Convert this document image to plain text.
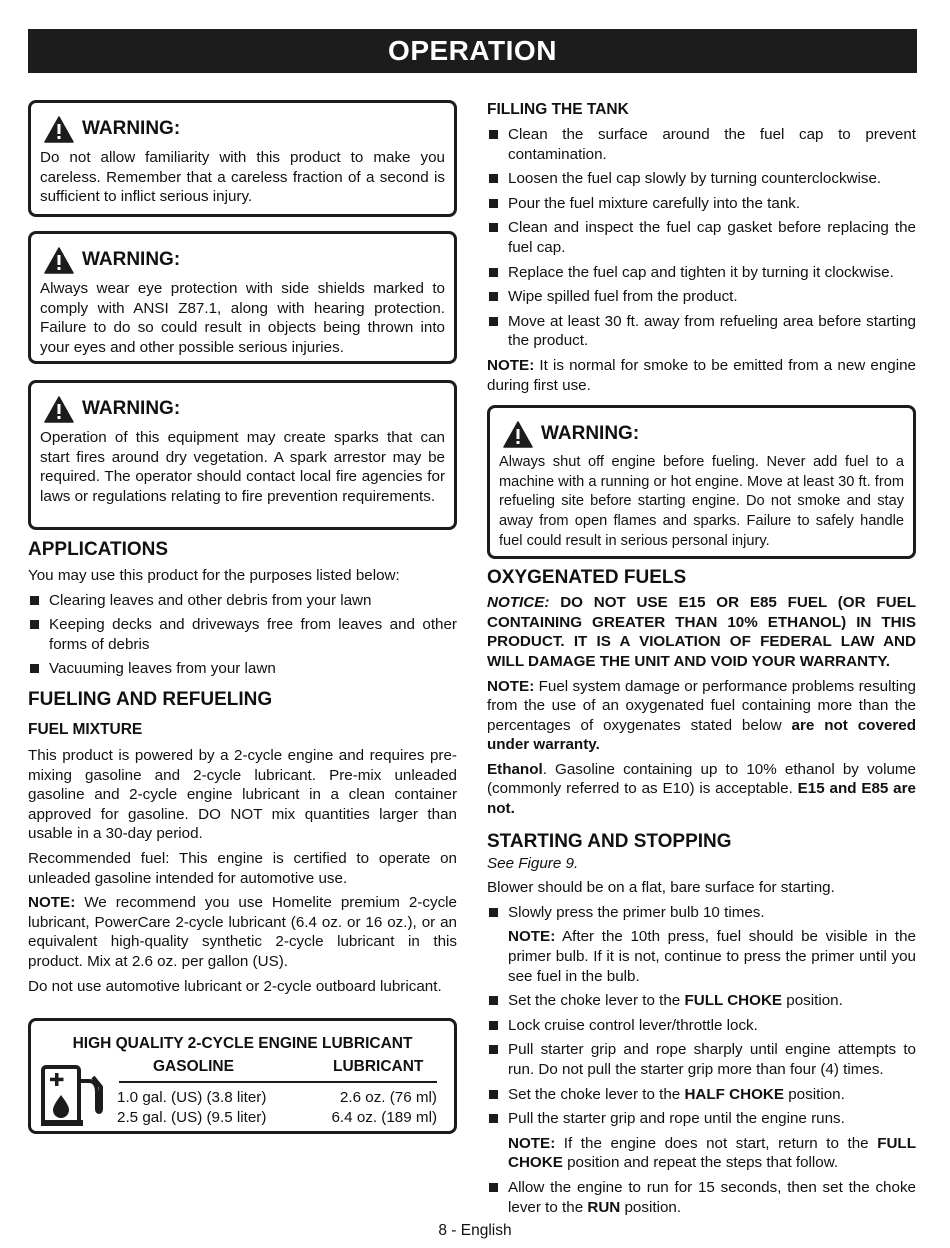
OPERATION
WARNING:
Do not allow familiarity with this product to make you careless. Remember that a careless fraction of a second is sufficient to inflict serious injury.
WARNING:
Always wear eye protection with side shields marked to comply with ANSI Z87.1, along with hearing protection. Failure to do so could result in objects being thrown into your eyes and other possible serious injuries.
WARNING:
Operation of this equipment may create sparks that can start fires around dry vegetation. A spark arrestor may be required. The operator should contact local fire agencies for laws or regulations relating to fire prevention requirements.
APPLICATIONS
You may use this product for the purposes listed below:
Clearing leaves and other debris from your lawn
Keeping decks and driveways free from leaves and other forms of debris
Vacuuming leaves from your lawn
FUELING AND REFUELING
FUEL MIXTURE
This product is powered by a 2-cycle engine and requires pre-mixing gasoline and 2-cycle lubricant. Pre-mix unleaded gasoline and 2-cycle engine lubricant in a clean container approved for gasoline. DO NOT mix quantities larger than usable in a 30-day period.
Recommended fuel: This engine is certified to operate on unleaded gasoline intended for automotive use.
NOTE: We recommend you use Homelite premium 2-cycle lubricant, PowerCare 2-cycle lubricant (6.4 oz. or 16 oz.), or an equivalent high-quality synthetic 2-cycle lubricant in this product. Mix at 2.6 oz. per gallon (US).
Do not use automotive lubricant or 2-cycle outboard lubricant.
HIGH QUALITY 2-CYCLE ENGINE LUBRICANT
GASOLINE	LUBRICANT
1.0 gal. (US) (3.8 liter)	2.6 oz. (76 ml)
2.5 gal. (US) (9.5 liter)	6.4 oz. (189 ml)
FILLING THE TANK
Clean the surface around the fuel cap to prevent contamination.
Loosen the fuel cap slowly by turning counterclockwise.
Pour the fuel mixture carefully into the tank.
Clean and inspect the fuel cap gasket before replacing the fuel cap.
Replace the fuel cap and tighten it by turning it clockwise.
Wipe spilled fuel from the product.
Move at least 30 ft. away from refueling area before starting the product.
NOTE: It is normal for smoke to be emitted from a new engine during first use.
WARNING:
Always shut off engine before fueling. Never add fuel to a machine with a running or hot engine. Move at least 30 ft. from refueling site before starting engine. Do not smoke and stay away from open flames and sparks. Failure to safely handle fuel could result in serious personal injury.
OXYGENATED FUELS
NOTICE: DO NOT USE E15 OR E85 FUEL (OR FUEL CONTAINING GREATER THAN 10% ETHANOL) IN THIS PRODUCT. IT IS A VIOLATION OF FEDERAL LAW AND WILL DAMAGE THE UNIT AND VOID YOUR WARRANTY.
NOTE: Fuel system damage or performance problems resulting from the use of an oxygenated fuel containing more than the percentages of oxygenates stated below are not covered under warranty.
Ethanol. Gasoline containing up to 10% ethanol by volume (commonly referred to as E10) is acceptable. E15 and E85 are not.
STARTING AND STOPPING
See Figure 9.
Blower should be on a flat, bare surface for starting.
Slowly press the primer bulb 10 times.
NOTE: After the 10th press, fuel should be visible in the primer bulb. If it is not, continue to press the primer until you see fuel in the bulb.
Set the choke lever to the FULL CHOKE position.
Lock cruise control lever/throttle lock.
Pull starter grip and rope sharply until engine attempts to run. Do not pull the starter grip more than four (4) times.
Set the choke lever to the HALF CHOKE position.
Pull the starter grip and rope until the engine runs.
NOTE: If the engine does not start, return to the FULL CHOKE position and repeat the steps that follow.
Allow the engine to run for 15 seconds, then set the choke lever to the RUN position.
8 - English
